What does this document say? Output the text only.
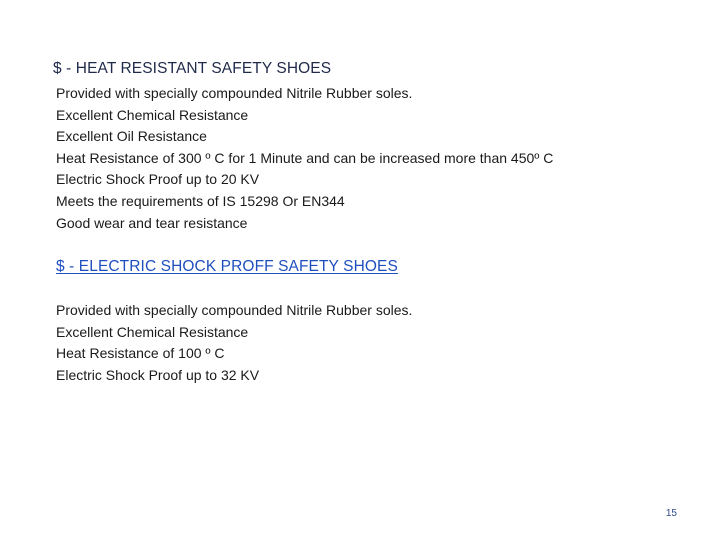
$ - HEAT RESISTANT SAFETY SHOES
Provided with specially compounded Nitrile Rubber soles.
Excellent Chemical Resistance
Excellent Oil Resistance
Heat Resistance of 300 º C for 1 Minute and can be increased more than 450º C
Electric Shock Proof up to 20 KV
Meets the requirements of IS 15298 Or EN344
Good wear and tear resistance
$ - ELECTRIC SHOCK PROFF SAFETY SHOES
Provided with specially compounded Nitrile Rubber soles.
Excellent Chemical Resistance
Heat Resistance of 100 º C
Electric Shock Proof up to 32 KV
15
